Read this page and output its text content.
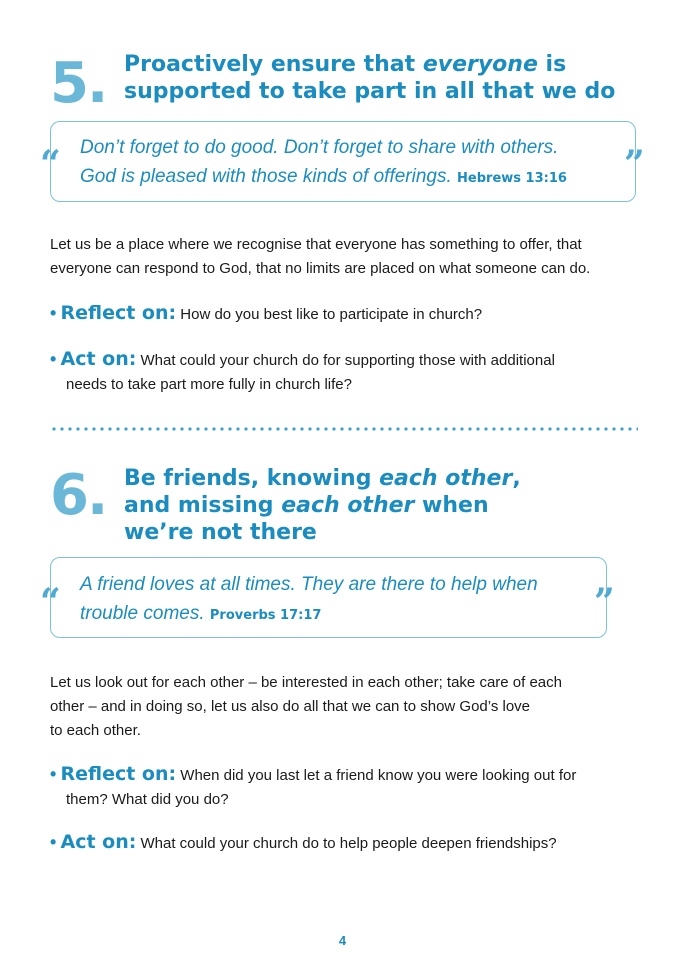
5. Proactively ensure that everyone is
supported to take part in all that we do
“	”
Don’t forget to do good. Don’t forget to share with others.
God is pleased with those kinds of offerings. Hebrews 13:16
Let us be a place where we recognise that everyone has something to offer, that
everyone can respond to God, that no limits are placed on what someone can do.
• Reflect on: How do you best like to participate in church?
• Act on: What could your church do for supporting those with additional
needs to take part more fully in church life?
6. Be friends, knowing each other,
and missing each other when
we’re not there
“	”
A friend loves at all times. They are there to help when
trouble comes. Proverbs 17:17
Let us look out for each other – be interested in each other; take care of each
other – and in doing so, let us also do all that we can to show God’s love
to each other.
• Reflect on: When did you last let a friend know you were looking out for
them? What did you do?
• Act on: What could your church do to help people deepen friendships?
4
